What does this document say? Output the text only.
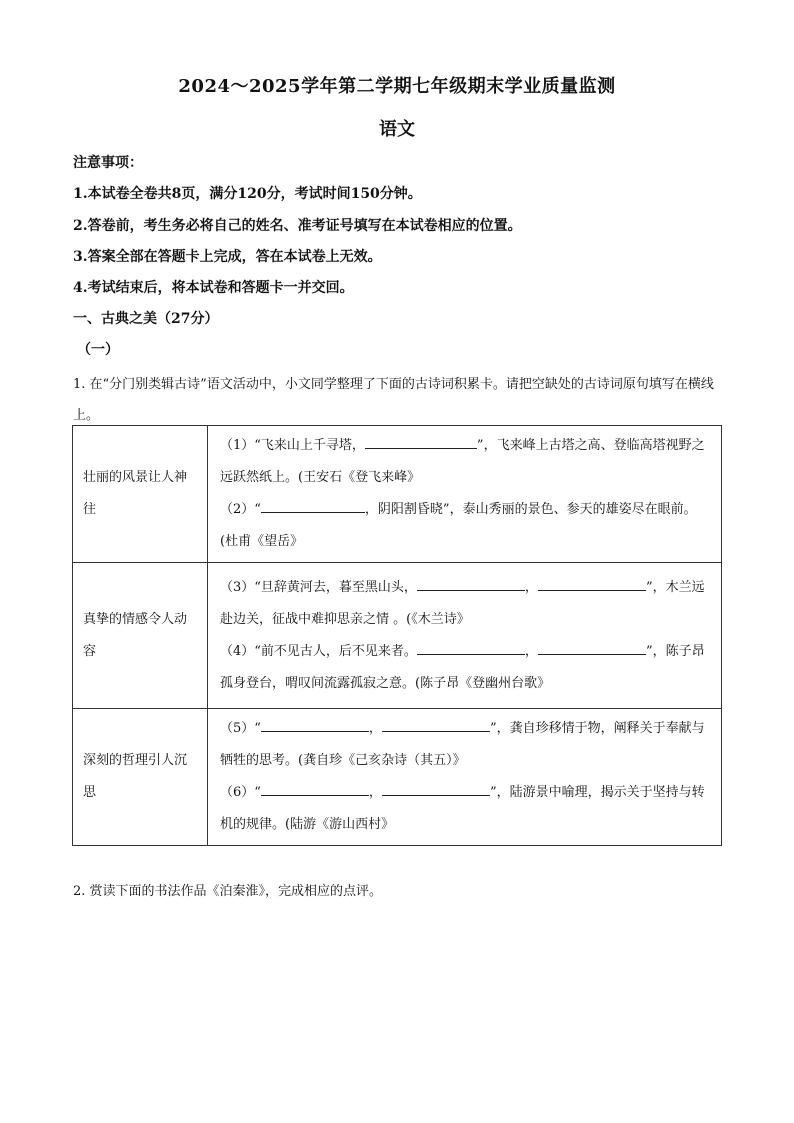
2024～2025学年第二学期七年级期末学业质量监测
语文
注意事项：
1.本试卷全卷共8页，满分120分，考试时间150分钟。
2.答卷前，考生务必将自己的姓名、准考证号填写在本试卷相应的位置。
3.答案全部在答题卡上完成，答在本试卷上无效。
4.考试结束后，将本试卷和答题卡一并交回。
一、古典之美（27分）
（一）
1. 在“分门别类辑古诗”语文活动中，小文同学整理了下面的古诗词积累卡。请把空缺处的古诗词原句填写在横线上。
壮丽的风景让人神往	（1）“飞来山上千寻塔， ”，飞来峰上古塔之高、登临高塔视野之远跃然纸上。(王安石《登飞来峰》
（2）“ ，阴阳割昏晓”，泰山秀丽的景色、参天的雄姿尽在眼前。(杜甫《望岳》

真挚的情感令人动容	（3）“旦辞黄河去，暮至黑山头， ， ”，木兰远赴边关，征战中难抑思亲之情 。(《木兰诗》
（4）“前不见古人，后不见来者。 ， ”，陈子昂孤身登台，喟叹间流露孤寂之意。(陈子昂《登幽州台歌》

深刻的哲理引人沉思	（5）“ ， ”，龚自珍移情于物，阐释关于奉献与牺牲的思考。(龚自珍《己亥杂诗（其五）》
（6）“ ， ”，陆游景中喻理，揭示关于坚持与转机的规律。(陆游《游山西村》
2. 赏读下面的书法作品《泊秦淮》，完成相应的点评。
